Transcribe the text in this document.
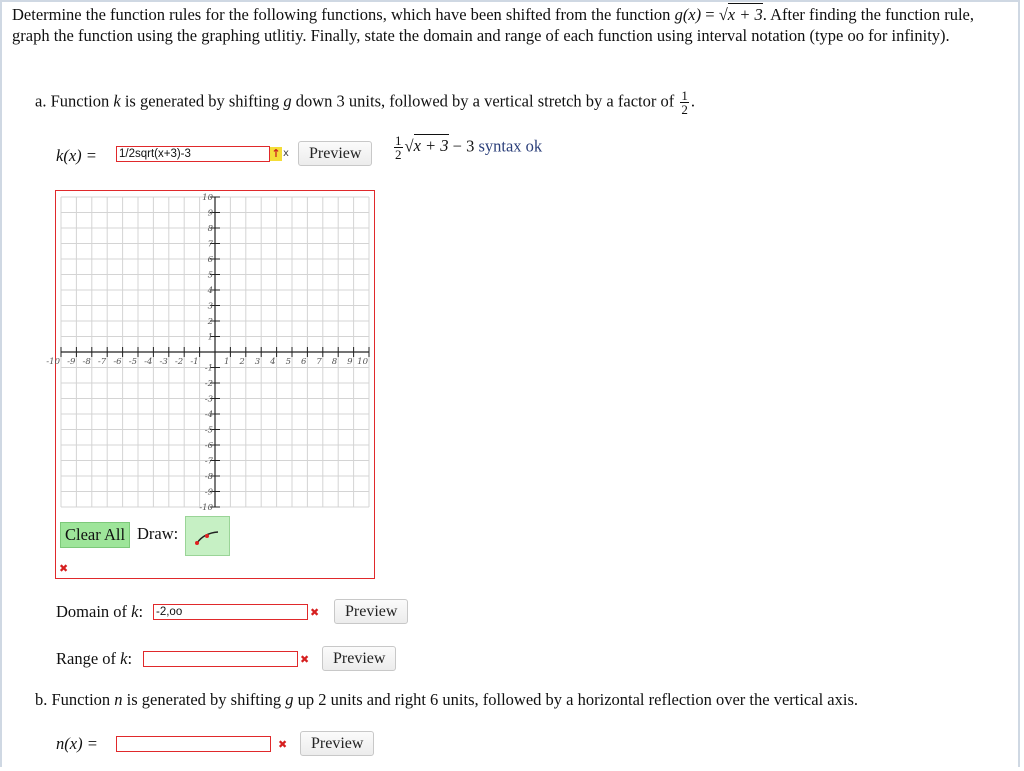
Determine the function rules for the following functions, which have been shifted from the function g(x) = √x + 3. After finding the function rule, graph the function using the graphing utlitiy. Finally, state the domain and range of each function using interval notation (type oo for infinity).
a. Function k is generated by shifting g down 3 units, followed by a vertical stretch by a factor of $\frac{1}{2}$ .
k(x) =
1/2sqrt(x+3)-3	↑ x	Preview	$\frac{1}{2} √x + 3 - 3$ syntax ok
-10 -9 -8 -7 -6 -5 -4 -3 -2 -1	1 2 3 4 5 6 7 8 9 10
10
9
8
7
6
5
4
3
2
1
-1
-2
-3
-4
-5
-6
-7
-8
-9
-10
Clear All Draw:
✖
Domain of k:
-2,oo	✖	Preview
Range of k:	✖	Preview
b. Function n is generated by shifting g up 2 units and right 6 units, followed by a horizontal reflection over the vertical axis.
n(x) =	✖	Preview
